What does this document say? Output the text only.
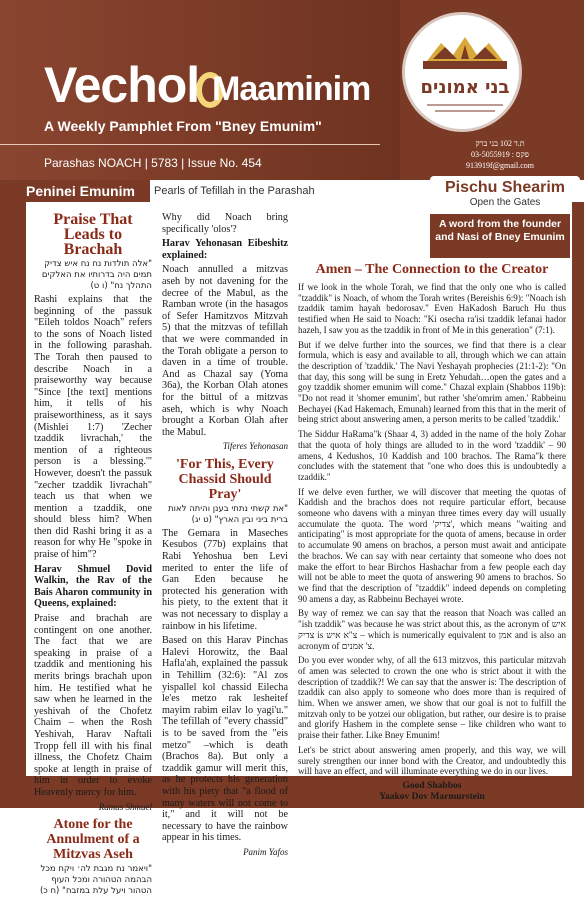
Vechol Maaminim
A Weekly Pamphlet From "Bney Emunim"
Parashas NOACH | 5783 | Issue No. 454
בני אמונים
ת.ד 102 בני ברק
03-5055919 : פקס
913919f@gmail.com
Peninei Emunim	Pearls of Tefillah in the Parashah	Pischu Shearim
Open the Gates
Praise That Leads to Brachah
"אלה תולדות נח נח איש צדיק תמים היה בדרותיו את האלקים התהלך נח" (ו ט)

Rashi explains that the beginning of the passuk "Eileh toldos Noach" refers to the sons of Noach listed in the following parashah. The Torah then paused to describe Noach in a praiseworthy way because "Since [the text] mentions him, it tells of his praiseworthiness, as it says (Mishlei 1:7) 'Zecher tzaddik livrachah,' the mention of a righteous person is a blessing.'" However, doesn't the passuk "zecher tzaddik livrachah" teach us that when we mention a tzaddik, one should bless him? When then did Rashi bring it as a reason for why He "spoke in praise of him"?

Harav Shmuel Dovid Walkin, the Rav of the Bais Aharon community in Queens, explained:

Praise and brachah are contingent on one another. The fact that we are speaking in praise of a tzaddik and mentioning his merits brings brachah upon him. He testified what he saw when he learned in the yeshivah of the Chofetz Chaim – when the Rosh Yeshivah, Harav Naftali Tropp fell ill with his final illness, the Chofetz Chaim spoke at length in praise of him in order to evoke Heavenly mercy for him.

Ramas Shmuel
Atone for the Annulment of a Mitzvas Aseh
"ויאמר נח מגבת לה׳ ויקח מכל הבהמה הטהורה ומכל העוף הטהור ויעל עלת במזבח" (ח כ)

Why did Noach bring specifically 'olos'?

Harav Yehonasan Eibeshitz explained:

Noach annulled a mitzvas aseh by not davening for the decree of the Mabul, as the Ramban wrote (in the hasagos of Sefer Hamitzvos Mitzvah 5) that the mitzvas of tefillah that we were commanded in the Torah obligate a person to daven in a time of trouble. And as Chazal say (Yoma 36a), the Korban Olah atones for the bittul of a mitzvas aseh, which is why Noach brought a Korban Olah after the Mabul.

Tiferes Yehonasan
'For This, Every Chassid Should Pray'
"את קשתי נתתי בענן והיתה לאות ברית ביני ובין הארץ" (ט יג)

The Gemara in Maseches Kesubos (77b) explains that Rabi Yehoshua ben Levi merited to enter the life of Gan Eden because he protected his generation with his piety, to the extent that it was not necessary to display a rainbow in his lifetime.

Based on this Harav Pinchas Halevi Horowitz, the Baal Hafla'ah, explained the passuk in Tehillim (32:6): "Al zos yispallel kol chassid Eilecha le'es metzo rak lesheitef mayim rabim eilav lo yagi'u." The tefillah of "every chassid" is to be saved from the "eis metzo" –which is death (Brachos 8a). But only a tzaddik gamur will merit this, as he protects his generation with his piety that "a flood of many waters will not come to it," and it will not be necessary to have the rainbow appear in his times.

Panim Yafos
A word from the founder and Nasi of Bney Emunim
Amen – The Connection to the Creator

If we look in the whole Torah, we find that the only one who is called "tzaddik" is Noach, of whom the Torah writes (Bereishis 6:9): "Noach ish tzaddik tamim hayah bedorosav." Even HaKadosh Baruch Hu thus testified when He said to Noach: "Ki osecha ra'isi tzaddik lefanai hador hazeh, I saw you as the tzaddik in front of Me in this generation" (7:1).

But if we delve further into the sources, we find that there is a clear formula, which is easy and available to all, through which we can attain the description of 'tzaddik.' The Navi Yeshayah prophecies (21:1-2): "On that day, this song will be sung in Eretz Yehudah…open the gates and a goy tzaddik shomer emunim will come." Chazal explain (Shabbos 119b): "Do not read it 'shomer emunim', but rather 'she'omrim amen.' Rabbeinu Bechayei (Kad Hakemach, Emunah) learned from this that in the merit of being strict about answering amen, a person merits to be called 'tzaddik.'

The Siddur HaRama"k (Shaar 4, 3) added in the name of the holy Zohar that the quota of holy things are alluded to in the word 'tzaddik' – 90 amens, 4 Kedushos, 10 Kaddish and 100 brachos. The Rama"k there concludes with the statement that "one who does this is undoubtedly a tzaddik."

If we delve even further, we will discover that meeting the quotas of Kaddish and the brachos does not require particular effort, because someone who davens with a minyan three times every day will usually accumulate the quota. The word 'צדיק', which means "waiting and anticipating" is most appropriate for the quota of amens, because in order to accumulate 90 amens on brachos, a person must await and anticipate the brachos. We can say with near certainty that someone who does not make the effort to hear Birchos Hashachar from a few people each day will not be able to meet the quota of answering 90 amens to brachos. So we find that the description of "tzaddik" indeed depends on completing 90 amens a day, as Rabbeinu Bechayei wrote.

By way of remez we can say that the reason that Noach was called an "ish tzaddik" was because he was strict about this, as the acronym of איש צדיק is צ"א איש – which is numerically equivalent to אמן and is also an acronym of צ' אמנים.

Do you ever wonder why, of all the 613 mitzvos, this particular mitzvah of amen was selected to crown the one who is strict about it with the description of tzaddik?! We can say that the answer is: The description of tzaddik can also apply to someone who does more than is required of him. When we answer amen, we show that our goal is not to fulfill the mitzvah only to be yotzei our obligation, but rather, our desire is to praise and glorify Hashem in the complete sense – like children who want to praise their father. Like Bney Emunim!

Let's be strict about answering amen properly, and this way, we will surely strengthen our inner bond with the Creator, and undoubtedly this will have an effect, and will illuminate everything we do in our lives.

Good Shabbos
Yaakov Dov Marmurstein
